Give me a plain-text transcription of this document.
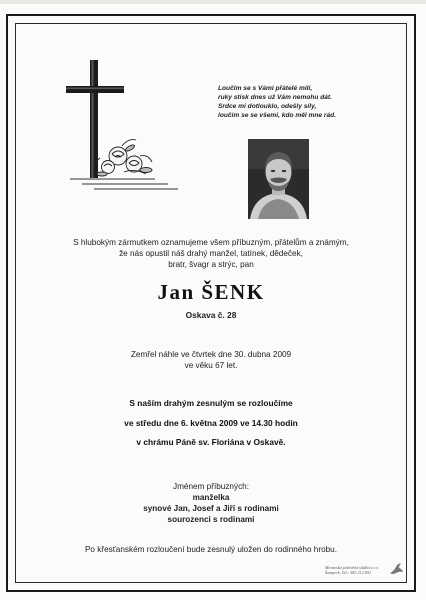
Loučím se s Vámi přátelé milí,
ruky stisk dnes už Vám nemohu dát.
Srdce mi dotlouklo, odešly síly,
loučím se se všemi, kdo měl mne rád.
S hlubokým zármutkem oznamujeme všem příbuzným, přátelům a známým,
že nás opustil náš drahý manžel, tatínek, dědeček,
bratr, švagr a strýc, pan
Jan ŠENK
Oskava č. 28
Zemřel náhle ve čtvrtek dne 30. dubna 2009
ve věku 67 let.
S naším drahým zesnulým se rozloučíme
ve středu dne 6. května 2009 ve 14.30 hodin
v chrámu Páně sv. Floriána v Oskavě.
Jménem příbuzných:
manželka
synové Jan, Josef a Jiří s rodinami
sourozenci s rodinami
Po křesťanském rozloučení bude zesnulý uložen do rodinného hrobu.
Moravská pohřební služba s.r.o.
Šumperk, Tel.: 583 212 851
